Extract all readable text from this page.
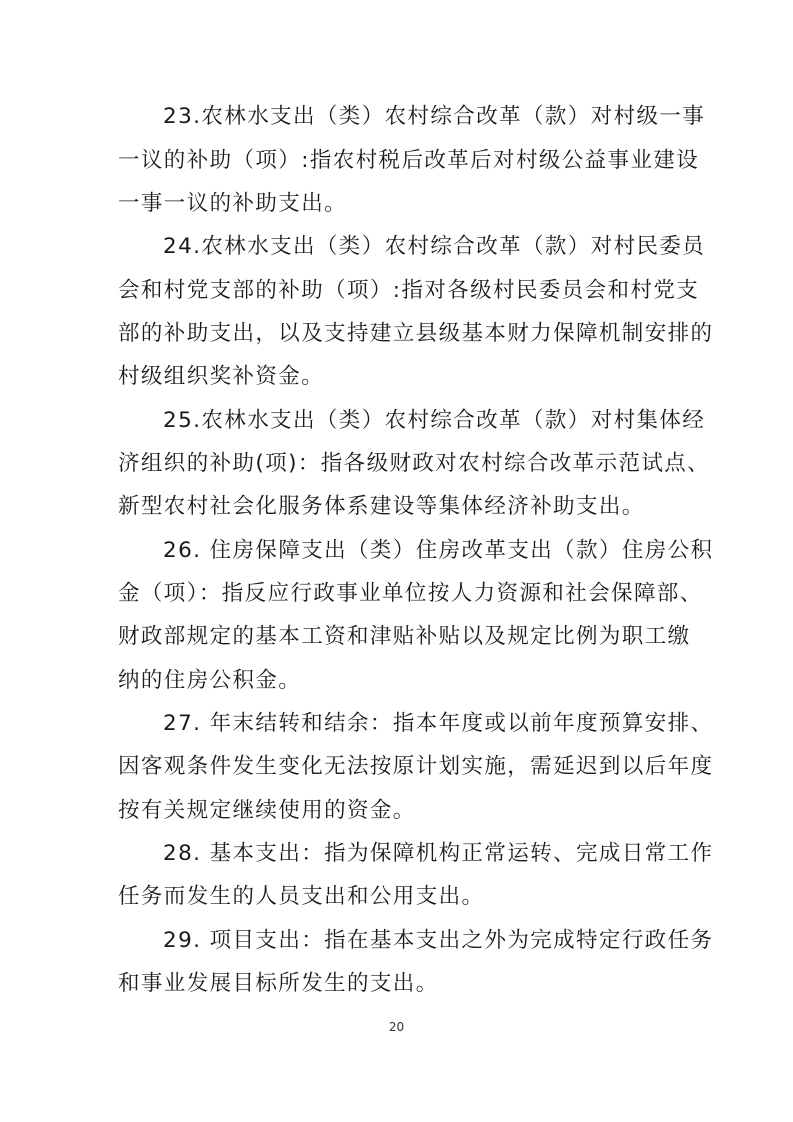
23.农林水支出（类）农村综合改革（款）对村级一事
一议的补助（项）:指农村税后改革后对村级公益事业建设
一事一议的补助支出。
24.农林水支出（类）农村综合改革（款）对村民委员
会和村党支部的补助（项）:指对各级村民委员会和村党支
部的补助支出，以及支持建立县级基本财力保障机制安排的
村级组织奖补资金。
25.农林水支出（类）农村综合改革（款）对村集体经
济组织的补助(项)：指各级财政对农村综合改革示范试点、
新型农村社会化服务体系建设等集体经济补助支出。
26. 住房保障支出（类）住房改革支出（款）住房公积
金（项）：指反应行政事业单位按人力资源和社会保障部、
财政部规定的基本工资和津贴补贴以及规定比例为职工缴
纳的住房公积金。
27. 年末结转和结余：指本年度或以前年度预算安排、
因客观条件发生变化无法按原计划实施，需延迟到以后年度
按有关规定继续使用的资金。
28. 基本支出：指为保障机构正常运转、完成日常工作
任务而发生的人员支出和公用支出。
29. 项目支出：指在基本支出之外为完成特定行政任务
和事业发展目标所发生的支出。
20
